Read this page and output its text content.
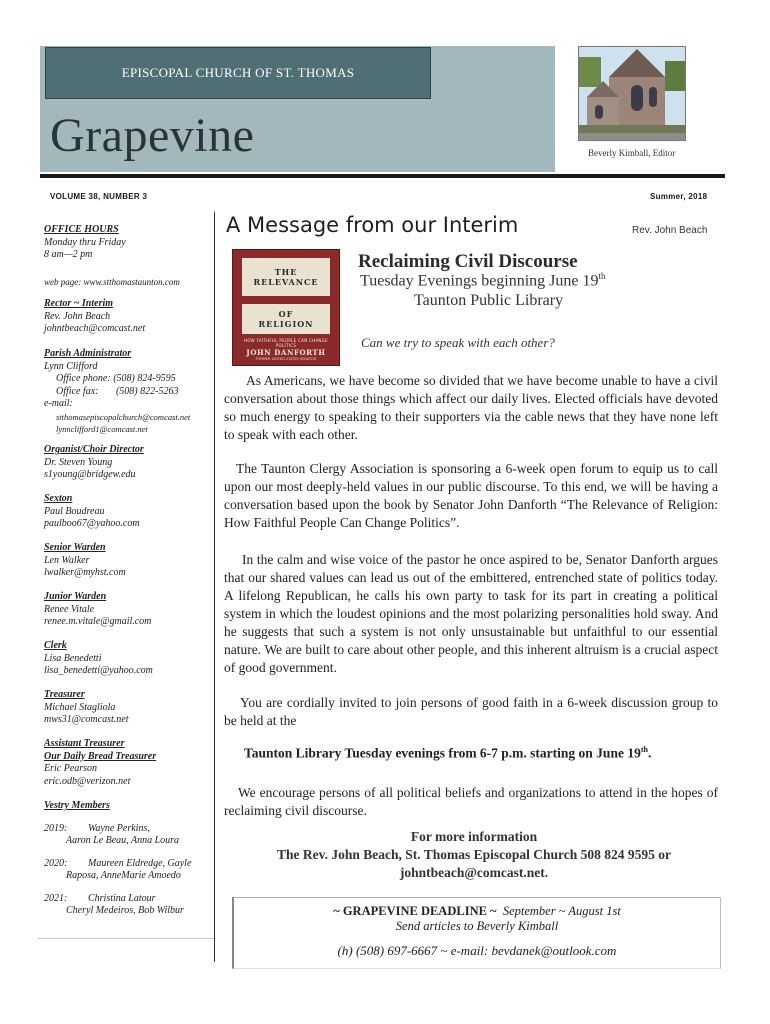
EPISCOPAL CHURCH OF ST. THOMAS
Grapevine	Beverly Kimball, Editor
VOLUME 38, NUMBER 3	Summer, 2018
OFFICE HOURS
Monday thru Friday
8 am—2 pm
web page: www.stthomastaunton.com
Rector ~ Interim
Rev. John Beach
johntbeach@comcast.net
Parish Administrator
Lynn Clifford
Office phone: (508) 824-9595
Office fax:       (508) 822-5263
e-mail:
stthomasepiscopalchurch@comcast.net
lynnclifford1@comcast.net
Organist/Choir Director
Dr. Steven Young
s1young@bridgew.edu
Sexton
Paul Boudreau
paulboo67@yahoo.com
Senior Warden
Len Walker
lwalker@myhst.com
Junior Warden
Renee Vitale
renee.m.vitale@gmail.com
Clerk
Lisa Benedetti
lisa_benedetti@yahoo.com
Treasurer
Michael Stagliola
mws31@comcast.net
Assistant Treasurer
Our Daily Bread Treasurer
Eric Pearson
eric.odb@verizon.net
Vestry Members
2019:	Wayne Perkins,
Aaron Le Beau, Anna Loura
2020:	Maureen Eldredge, Gayle
Raposa, AnneMarie Amoedo
2021:	Christina Latour
Cheryl Medeiros, Bob Wilbur
A Message from our Interim	Rev. John Beach
THE
RELEVANCE
OF
RELIGION
HOW FAITHFUL PEOPLE CAN CHANGE POLITICS
JOHN DANFORTH
FORMER UNITED STATES SENATOR
Reclaiming Civil Discourse
Tuesday Evenings beginning June 19th
Taunton Public Library
Can we try to speak with each other?
As Americans, we have become so divided that we have become unable to have a civil conversation about those things which affect our daily lives. Elected officials have devoted so much energy to speaking to their supporters via the cable news that they have none left to speak with each other.
The Taunton Clergy Association is sponsoring a 6-week open forum to equip us to call upon our most deeply-held values in our public discourse. To this end, we will be having a conversation based upon the book by Senator John Danforth “The Relevance of Religion: How Faithful People Can Change Politics”.
In the calm and wise voice of the pastor he once aspired to be, Senator Danforth argues that our shared values can lead us out of the embittered, entrenched state of politics today. A lifelong Republican, he calls his own party to task for its part in creating a political system in which the loudest opinions and the most polarizing personalities hold sway. And he suggests that such a system is not only unsustainable but unfaithful to our essential nature. We are built to care about other people, and this inherent altruism is a crucial aspect of good government.
You are cordially invited to join persons of good faith in a 6-week discussion group to be held at the
Taunton Library Tuesday evenings from 6-7 p.m. starting on June 19th.
We encourage persons of all political beliefs and organizations to attend in the hopes of reclaiming civil discourse.
For more information
The Rev. John Beach, St. Thomas Episcopal Church 508 824 9595 or
johntbeach@comcast.net.
~ GRAPEVINE DEADLINE ~ September ~ August 1st
Send articles to Beverly Kimball
(h) (508) 697-6667 ~ e-mail: bevdanek@outlook.com
